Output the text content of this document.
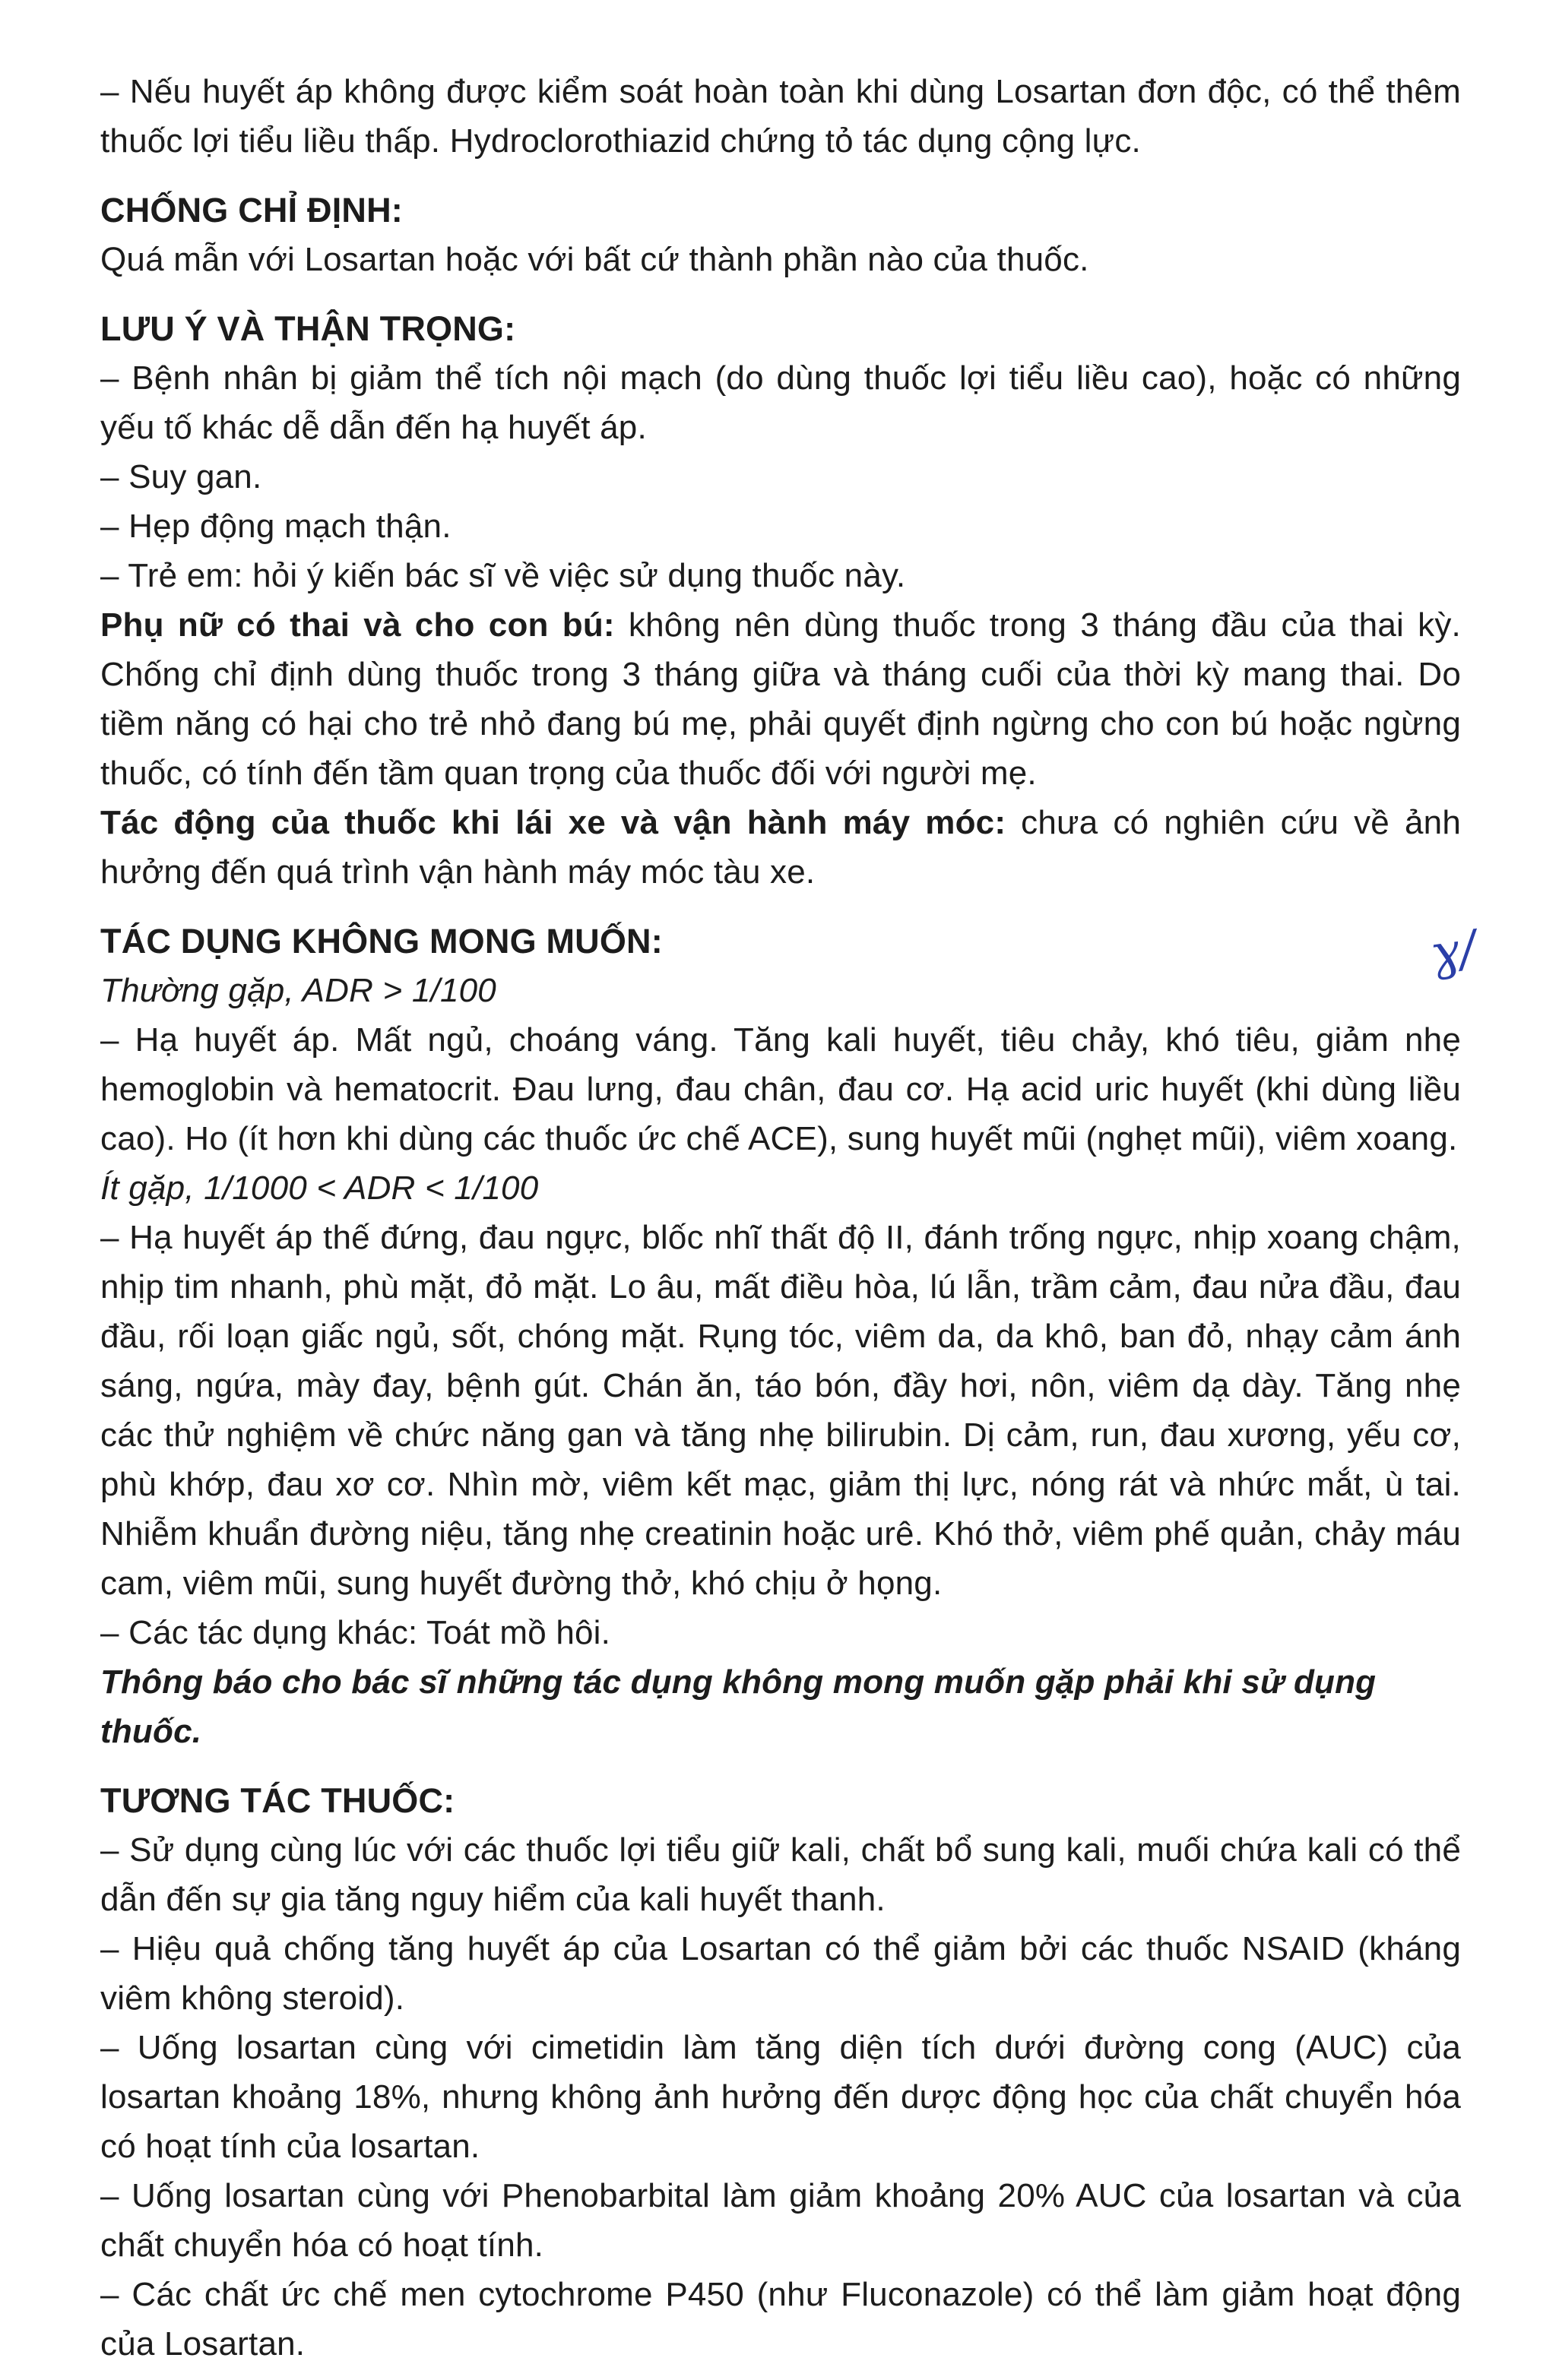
– Nếu huyết áp không được kiểm soát hoàn toàn khi dùng Losartan đơn độc, có thể thêm thuốc lợi tiểu liều thấp. Hydroclorothiazid chứng tỏ tác dụng cộng lực.

CHỐNG CHỈ ĐỊNH:

Quá mẫn với Losartan hoặc với bất cứ thành phần nào của thuốc.

LƯU Ý VÀ THẬN TRỌNG:

– Bệnh nhân bị giảm thể tích nội mạch (do dùng thuốc lợi tiểu liều cao), hoặc có những yếu tố khác dễ dẫn đến hạ huyết áp.

– Suy gan.

– Hẹp động mạch thận.

– Trẻ em: hỏi ý kiến bác sĩ về việc sử dụng thuốc này.

Phụ nữ có thai và cho con bú: không nên dùng thuốc trong 3 tháng đầu của thai kỳ. Chống chỉ định dùng thuốc trong 3 tháng giữa và tháng cuối của thời kỳ mang thai. Do tiềm năng có hại cho trẻ nhỏ đang bú mẹ, phải quyết định ngừng cho con bú hoặc ngừng thuốc, có tính đến tầm quan trọng của thuốc đối với người mẹ.

Tác động của thuốc khi lái xe và vận hành máy móc: chưa có nghiên cứu về ảnh hưởng đến quá trình vận hành máy móc tàu xe.

TÁC DỤNG KHÔNG MONG MUỐN:

Thường gặp, ADR > 1/100

– Hạ huyết áp. Mất ngủ, choáng váng. Tăng kali huyết, tiêu chảy, khó tiêu, giảm nhẹ hemoglobin và hematocrit. Đau lưng, đau chân, đau cơ. Hạ acid uric huyết (khi dùng liều cao). Ho (ít hơn khi dùng các thuốc ức chế ACE), sung huyết mũi (nghẹt mũi), viêm xoang.

Ít gặp, 1/1000 < ADR < 1/100

– Hạ huyết áp thế đứng, đau ngực, blốc nhĩ thất độ II, đánh trống ngực, nhịp xoang chậm, nhịp tim nhanh, phù mặt, đỏ mặt. Lo âu, mất điều hòa, lú lẫn, trầm cảm, đau nửa đầu, đau đầu, rối loạn giấc ngủ, sốt, chóng mặt. Rụng tóc, viêm da, da khô, ban đỏ, nhạy cảm ánh sáng, ngứa, mày đay, bệnh gút. Chán ăn, táo bón, đầy hơi, nôn, viêm dạ dày. Tăng nhẹ các thử nghiệm về chức năng gan và tăng nhẹ bilirubin. Dị cảm, run, đau xương, yếu cơ, phù khớp, đau xơ cơ. Nhìn mờ, viêm kết mạc, giảm thị lực, nóng rát và nhức mắt, ù tai. Nhiễm khuẩn đường niệu, tăng nhẹ creatinin hoặc urê. Khó thở, viêm phế quản, chảy máu cam, viêm mũi, sung huyết đường thở, khó chịu ở họng.

– Các tác dụng khác: Toát mồ hôi.

Thông báo cho bác sĩ những tác dụng không mong muốn gặp phải khi sử dụng thuốc.

TƯƠNG TÁC THUỐC:

– Sử dụng cùng lúc với các thuốc lợi tiểu giữ kali, chất bổ sung kali, muối chứa kali có thể dẫn đến sự gia tăng nguy hiểm của kali huyết thanh.

– Hiệu quả chống tăng huyết áp của Losartan có thể giảm bởi các thuốc NSAID (kháng viêm không steroid).

– Uống losartan cùng với cimetidin làm tăng diện tích dưới đường cong (AUC) của losartan khoảng 18%, nhưng không ảnh hưởng đến dược động học của chất chuyển hóa có hoạt tính của losartan.

– Uống losartan cùng với Phenobarbital làm giảm khoảng 20% AUC của losartan và của chất chuyển hóa có hoạt tính.

– Các chất ức chế men cytochrome P450 (như Fluconazole) có thể làm giảm hoạt động của Losartan.

ɣ/
